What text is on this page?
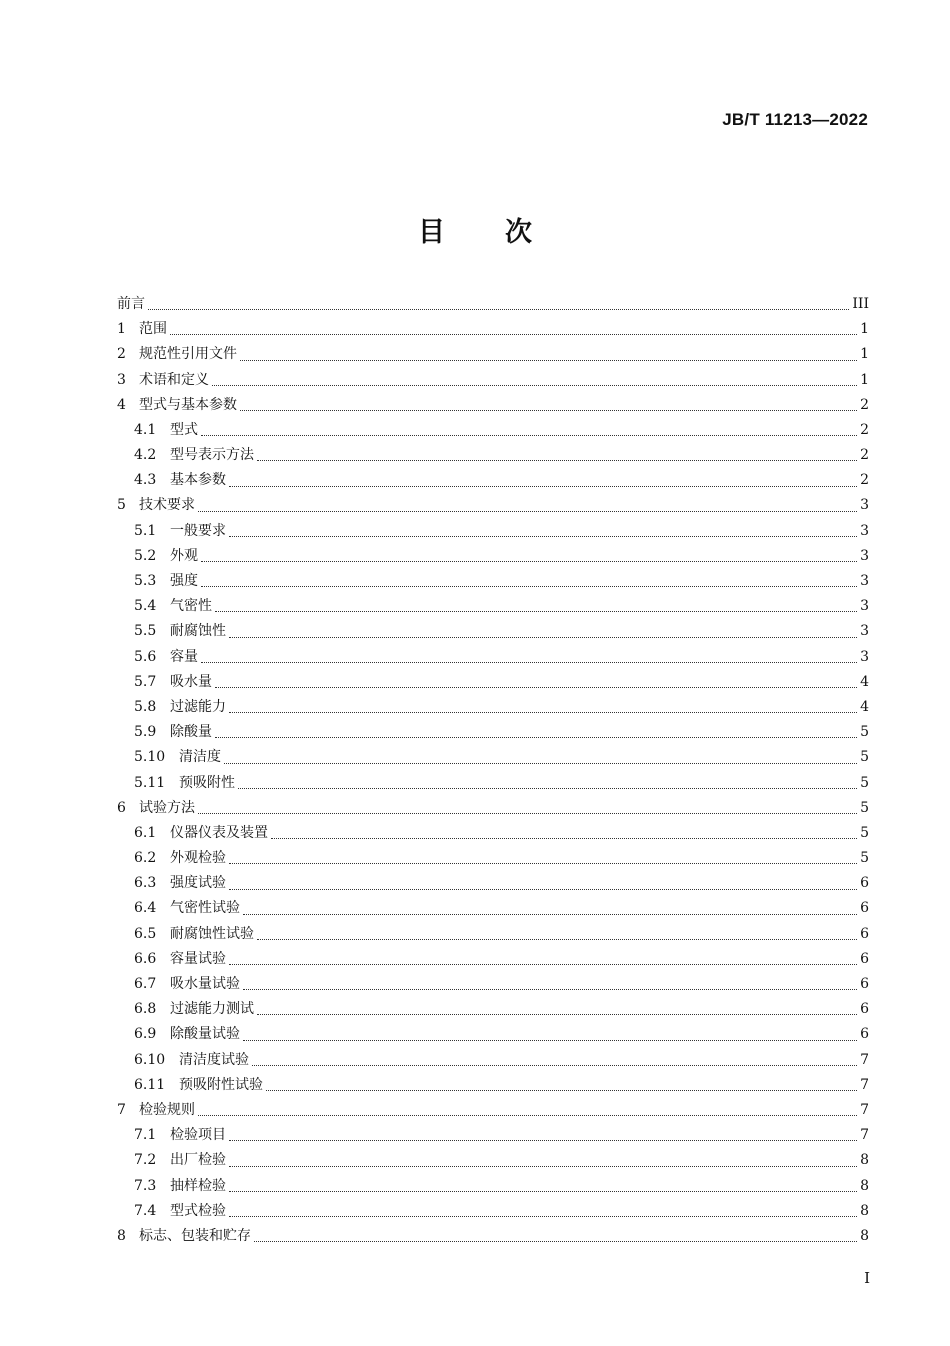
JB/T 11213—2022
目 次
前言	III
1 范围	1
2 规范性引用文件	1
3 术语和定义	1
4 型式与基本参数	2
4.1 型式	2
4.2 型号表示方法	2
4.3 基本参数	2
5 技术要求	3
5.1 一般要求	3
5.2 外观	3
5.3 强度	3
5.4 气密性	3
5.5 耐腐蚀性	3
5.6 容量	3
5.7 吸水量	4
5.8 过滤能力	4
5.9 除酸量	5
5.10 清洁度	5
5.11 预吸附性	5
6 试验方法	5
6.1 仪器仪表及装置	5
6.2 外观检验	5
6.3 强度试验	6
6.4 气密性试验	6
6.5 耐腐蚀性试验	6
6.6 容量试验	6
6.7 吸水量试验	6
6.8 过滤能力测试	6
6.9 除酸量试验	6
6.10 清洁度试验	7
6.11 预吸附性试验	7
7 检验规则	7
7.1 检验项目	7
7.2 出厂检验	8
7.3 抽样检验	8
7.4 型式检验	8
8 标志、包装和贮存	8
I
